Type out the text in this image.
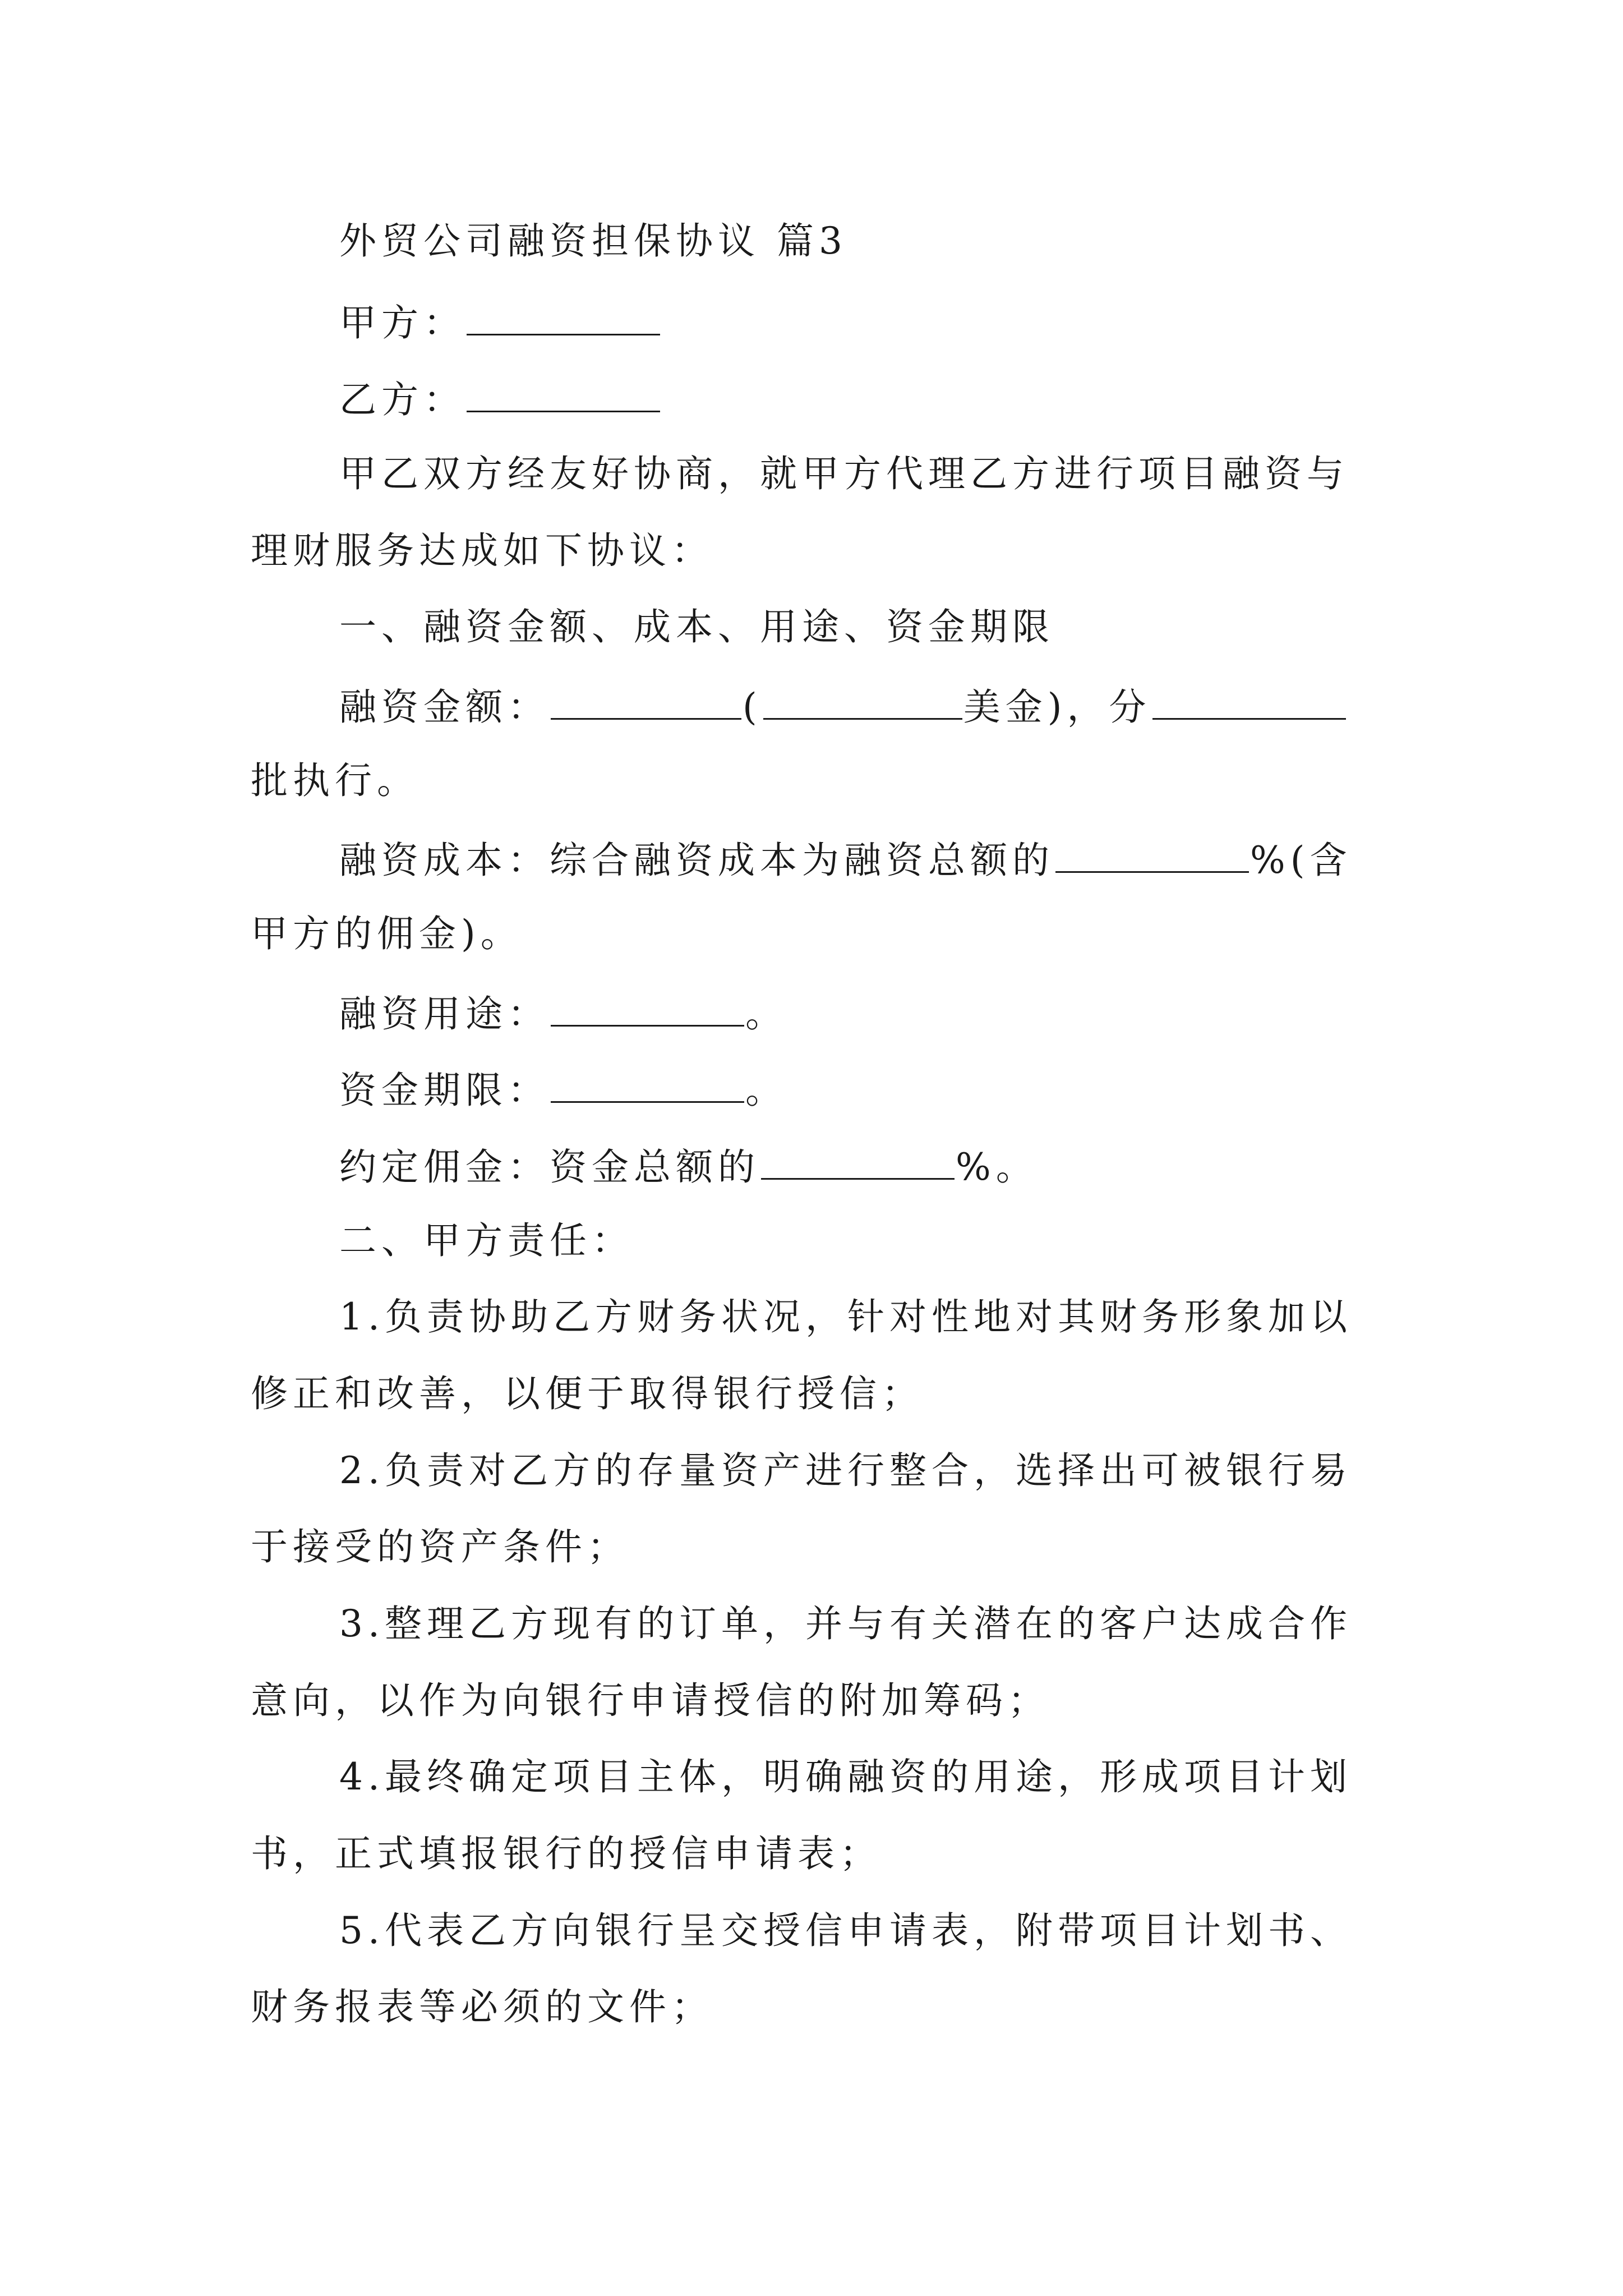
外贸公司融资担保协议 篇3
甲方：
乙方：
甲乙双方经友好协商，就甲方代理乙方进行项目融资与
理财服务达成如下协议：
一、融资金额、成本、用途、资金期限
融资金额：	(	美金)，分
批执行。
融资成本：综合融资成本为融资总额的	%(含
甲方的佣金)。
融资用途：	。
资金期限：	。
约定佣金：资金总额的	%。
二、甲方责任：
1.负责协助乙方财务状况，针对性地对其财务形象加以
修正和改善，以便于取得银行授信；
2.负责对乙方的存量资产进行整合，选择出可被银行易
于接受的资产条件；
3.整理乙方现有的订单，并与有关潜在的客户达成合作
意向，以作为向银行申请授信的附加筹码；
4.最终确定项目主体，明确融资的用途，形成项目计划
书，正式填报银行的授信申请表；
5.代表乙方向银行呈交授信申请表，附带项目计划书、
财务报表等必须的文件；
